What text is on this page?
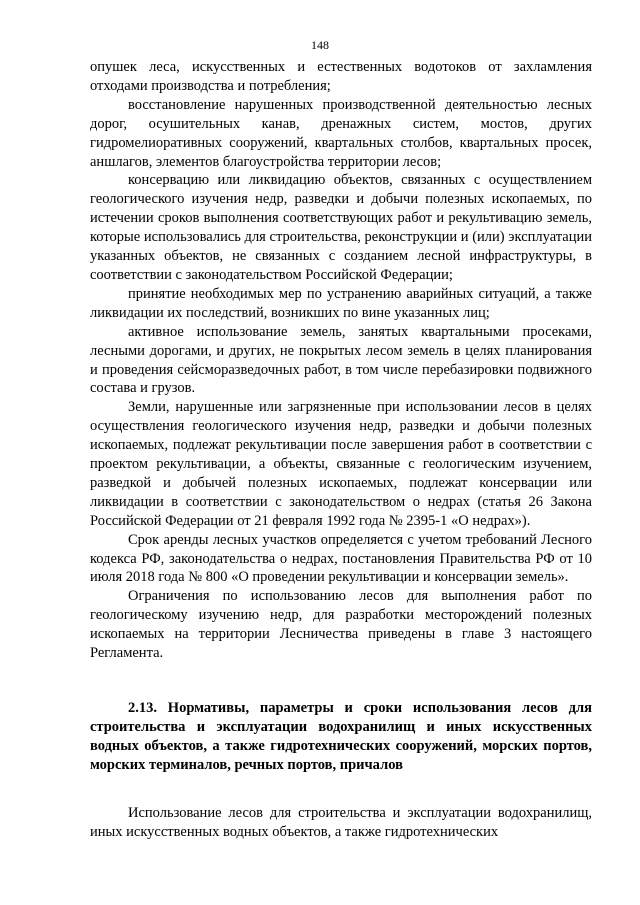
148

опушек леса, искусственных и естественных водотоков от захламления отходами производства и потребления;

восстановление нарушенных производственной деятельностью лесных дорог, осушительных канав, дренажных систем, мостов, других гидромелиоративных сооружений, квартальных столбов, квартальных просек, аншлагов, элементов благоустройства территории лесов;

консервацию или ликвидацию объектов, связанных с осуществлением геологического изучения недр, разведки и добычи полезных ископаемых, по истечении сроков выполнения соответствующих работ и рекультивацию земель, которые использовались для строительства, реконструкции и (или) эксплуатации указанных объектов, не связанных с созданием лесной инфраструктуры, в соответствии с законодательством Российской Федерации;

принятие необходимых мер по устранению аварийных ситуаций, а также ликвидации их последствий, возникших по вине указанных лиц;

активное использование земель, занятых квартальными просеками, лесными дорогами, и других, не покрытых лесом земель в целях планирования и проведения сейсморазведочных работ, в том числе перебазировки подвижного состава и грузов.

Земли, нарушенные или загрязненные при использовании лесов в целях осуществления геологического изучения недр, разведки и добычи полезных ископаемых, подлежат рекультивации после завершения работ в соответствии с проектом рекультивации, а объекты, связанные с геологическим изучением, разведкой и добычей полезных ископаемых, подлежат консервации или ликвидации в соответствии с законодательством о недрах (статья 26 Закона Российской Федерации от 21 февраля 1992 года № 2395-1 «О недрах»).

Срок аренды лесных участков определяется с учетом требований Лесного кодекса РФ, законодательства о недрах, постановления Правительства РФ от 10 июля 2018 года № 800 «О проведении рекультивации и консервации земель».

Ограничения по использованию лесов для выполнения работ по геологическому изучению недр, для разработки месторождений полезных ископаемых на территории Лесничества приведены в главе 3 настоящего Регламента.

2.13. Нормативы, параметры и сроки использования лесов для строительства и эксплуатации водохранилищ и иных искусственных водных объектов, а также гидротехнических сооружений, морских портов, морских терминалов, речных портов, причалов

Использование лесов для строительства и эксплуатации водохранилищ, иных искусственных водных объектов, а также гидротехнических
